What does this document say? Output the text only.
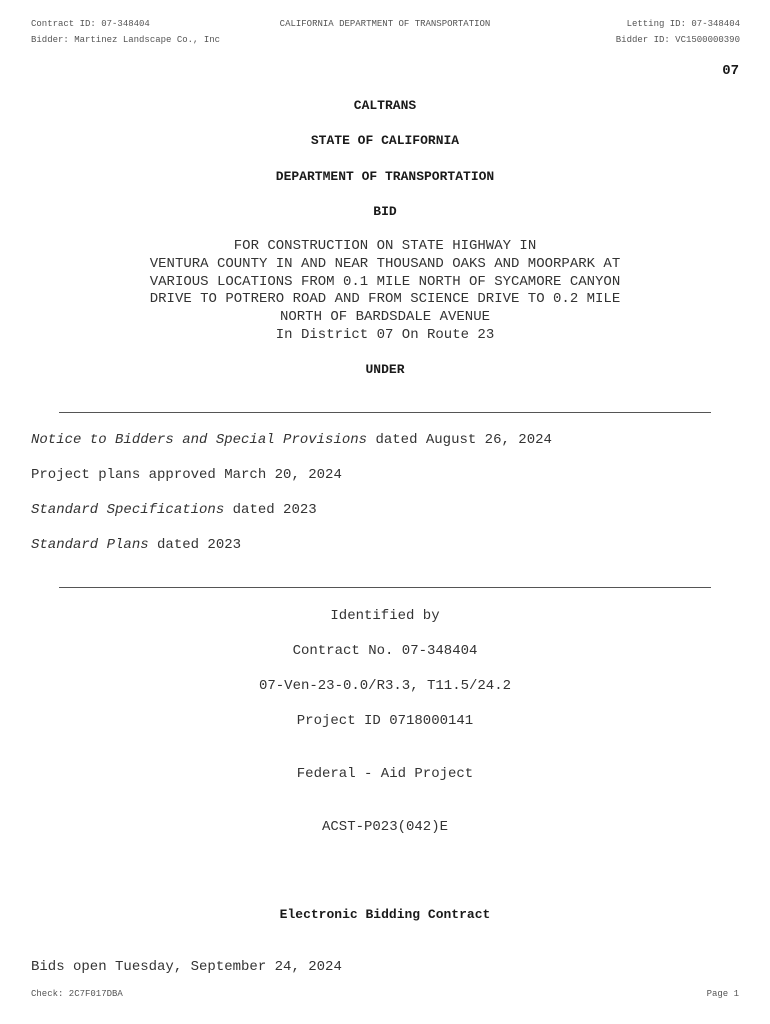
Contract ID: 07-348404
Bidder: Martinez Landscape Co., Inc
CALIFORNIA DEPARTMENT OF TRANSPORTATION	Letting ID: 07-348404
Bidder ID: VC1500000390
07
CALTRANS
STATE OF CALIFORNIA
DEPARTMENT OF TRANSPORTATION
BID
FOR CONSTRUCTION ON STATE HIGHWAY IN
VENTURA COUNTY IN AND NEAR THOUSAND OAKS AND MOORPARK AT
VARIOUS LOCATIONS FROM 0.1 MILE NORTH OF SYCAMORE CANYON
DRIVE TO POTRERO ROAD AND FROM SCIENCE DRIVE TO 0.2 MILE
NORTH OF BARDSDALE AVENUE
In District 07 On Route 23
UNDER
Notice to Bidders and Special Provisions dated August 26, 2024
Project plans approved March 20, 2024
Standard Specifications dated 2023
Standard Plans dated 2023
Identified by
Contract No. 07-348404
07-Ven-23-0.0/R3.3, T11.5/24.2
Project ID 0718000141
Federal - Aid Project
ACST-P023(042)E
Electronic Bidding Contract
Bids open Tuesday, September 24, 2024
Check: 2C7F017DBA	Page 1
